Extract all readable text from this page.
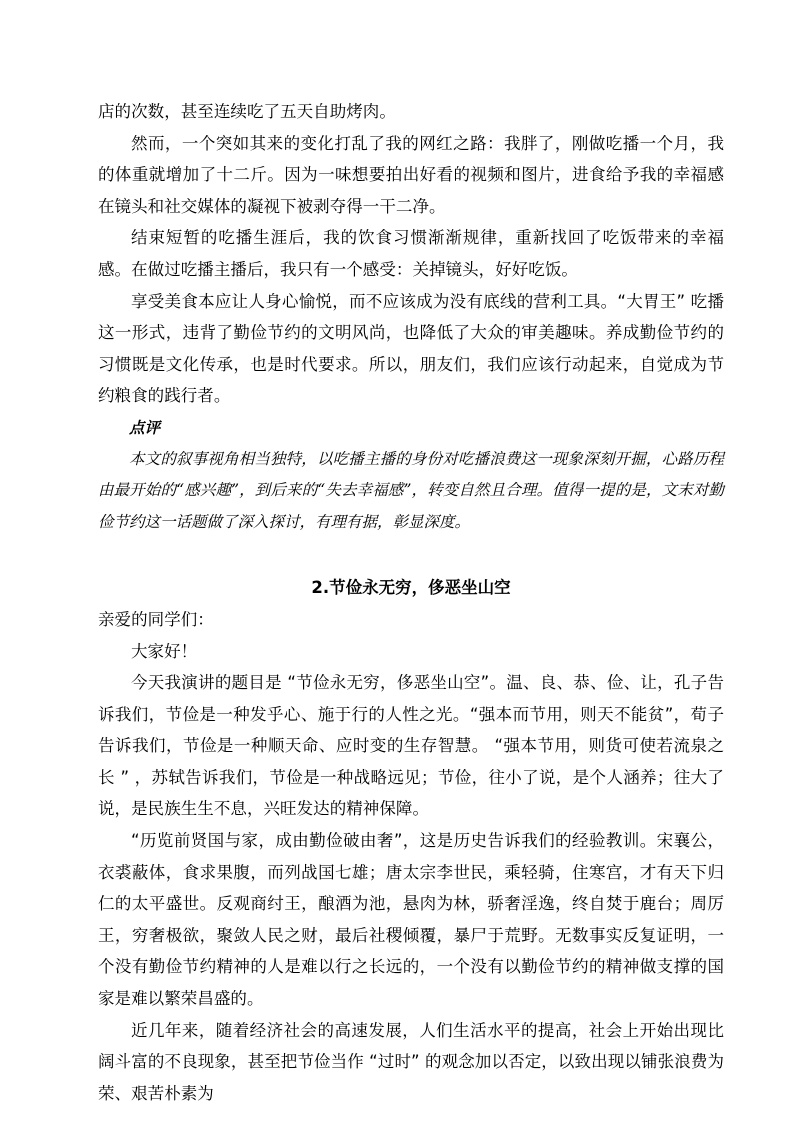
店的次数，甚至连续吃了五天自助烤肉。

然而，一个突如其来的变化打乱了我的网红之路：我胖了，刚做吃播一个月，我的体重就增加了十二斤。因为一味想要拍出好看的视频和图片，进食给予我的幸福感在镜头和社交媒体的凝视下被剥夺得一干二净。

结束短暂的吃播生涯后，我的饮食习惯渐渐规律，重新找回了吃饭带来的幸福感。在做过吃播主播后，我只有一个感受：关掉镜头，好好吃饭。

享受美食本应让人身心愉悦，而不应该成为没有底线的营利工具。“大胃王” 吃播这一形式，违背了勤俭节约的文明风尚，也降低了大众的审美趣味。养成勤俭节约的习惯既是文化传承，也是时代要求。所以，朋友们，我们应该行动起来，自觉成为节约粮食的践行者。

点评

本文的叙事视角相当独特，以吃播主播的身份对吃播浪费这一现象深刻开掘，心路历程由最开始的“感兴趣”，到后来的“失去幸福感”，转变自然且合理。值得一提的是，文末对勤俭节约这一话题做了深入探讨，有理有据，彰显深度。

2.节俭永无穷，侈恶坐山空

亲爱的同学们：

大家好！

今天我演讲的题目是 “节俭永无穷，侈恶坐山空”。温、良、恭、俭、让，孔子告诉我们，节俭是一种发乎心、施于行的人性之光。“强本而节用，则天不能贫”，荀子告诉我们，节俭是一种顺天命、应时变的生存智慧。 “强本节用，则货可使若流泉之长 ” ，苏轼告诉我们，节俭是一种战略远见；节俭，往小了说，是个人涵养；往大了说，是民族生生不息，兴旺发达的精神保障。

“历览前贤国与家，成由勤俭破由奢”，这是历史告诉我们的经验教训。宋襄公，衣裘蔽体，食求果腹，而列战国七雄；唐太宗李世民，乘轻骑，住寒宫，才有天下归仁的太平盛世。反观商纣王，酿酒为池，悬肉为林，骄奢淫逸，终自焚于鹿台；周厉王，穷奢极欲，聚敛人民之财，最后社稷倾覆，暴尸于荒野。无数事实反复证明，一个没有勤俭节约精神的人是难以行之长远的，一个没有以勤俭节约的精神做支撑的国家是难以繁荣昌盛的。

近几年来，随着经济社会的高速发展，人们生活水平的提高，社会上开始出现比阔斗富的不良现象，甚至把节俭当作 “过时” 的观念加以否定，以致出现以铺张浪费为荣、艰苦朴素为
